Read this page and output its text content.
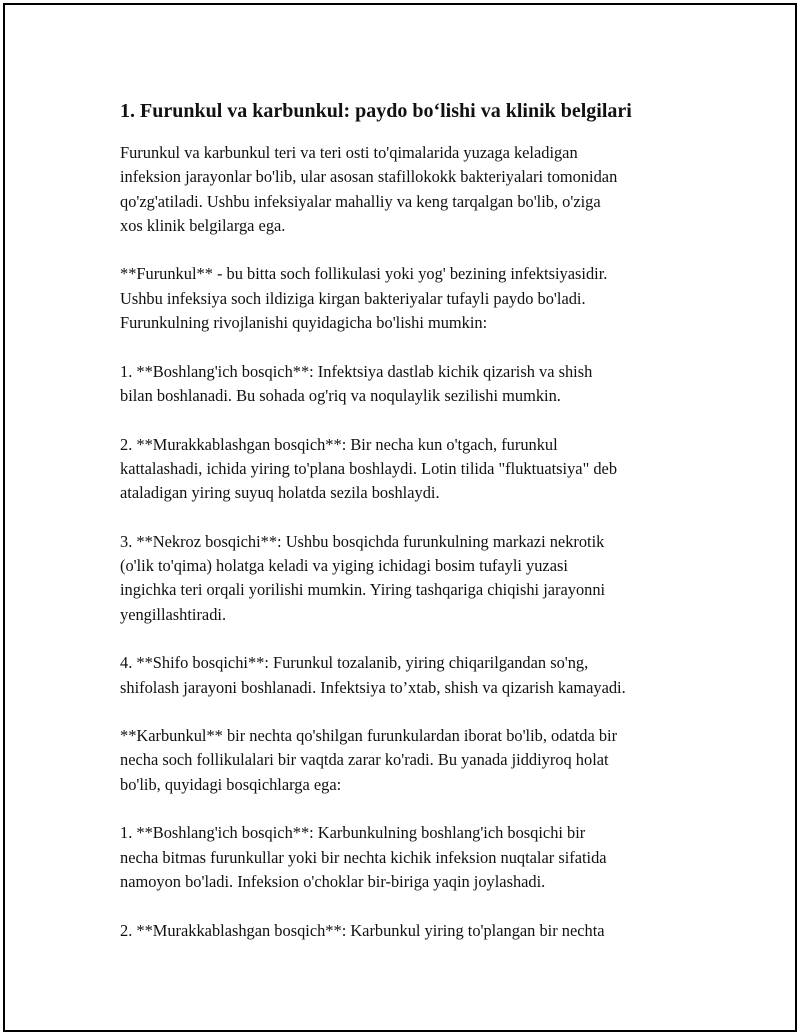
1. Furunkul va karbunkul: paydo bo‘lishi va klinik belgilari
Furunkul va karbunkul teri va teri osti to'qimalarida yuzaga keladigan
infeksion jarayonlar bo'lib, ular asosan stafillokokk bakteriyalari tomonidan
qo'zg'atiladi. Ushbu infeksiyalar mahalliy va keng tarqalgan bo'lib, o'ziga
xos klinik belgilarga ega.
**Furunkul** - bu bitta soch follikulasi yoki yog' bezining infektsiyasidir.
Ushbu infeksiya soch ildiziga kirgan bakteriyalar tufayli paydo bo'ladi.
Furunkulning rivojlanishi quyidagicha bo'lishi mumkin:
1. **Boshlang'ich bosqich**: Infektsiya dastlab kichik qizarish va shish
bilan boshlanadi. Bu sohada og'riq va noqulaylik sezilishi mumkin.
2. **Murakkablashgan bosqich**: Bir necha kun o'tgach, furunkul
kattalashadi, ichida yiring to'plana boshlaydi. Lotin tilida "fluktuatsiya" deb
ataladigan yiring suyuq holatda sezila boshlaydi.
3. **Nekroz bosqichi**: Ushbu bosqichda furunkulning markazi nekrotik
(o'lik to'qima) holatga keladi va yiging ichidagi bosim tufayli yuzasi
ingichka teri orqali yorilishi mumkin. Yiring tashqariga chiqishi jarayonni
yengillashtiradi.
4. **Shifo bosqichi**: Furunkul tozalanib, yiring chiqarilgandan so'ng,
shifolash jarayoni boshlanadi. Infektsiya to’xtab, shish va qizarish kamayadi.
**Karbunkul** bir nechta qo'shilgan furunkulardan iborat bo'lib, odatda bir
necha soch follikulalari bir vaqtda zarar ko'radi. Bu yanada jiddiyroq holat
bo'lib, quyidagi bosqichlarga ega:
1. **Boshlang'ich bosqich**: Karbunkulning boshlang'ich bosqichi bir
necha bitmas furunkullar yoki bir nechta kichik infeksion nuqtalar sifatida
namoyon bo'ladi. Infeksion o'choklar bir-biriga yaqin joylashadi.
2. **Murakkablashgan bosqich**: Karbunkul yiring to'plangan bir nechta
